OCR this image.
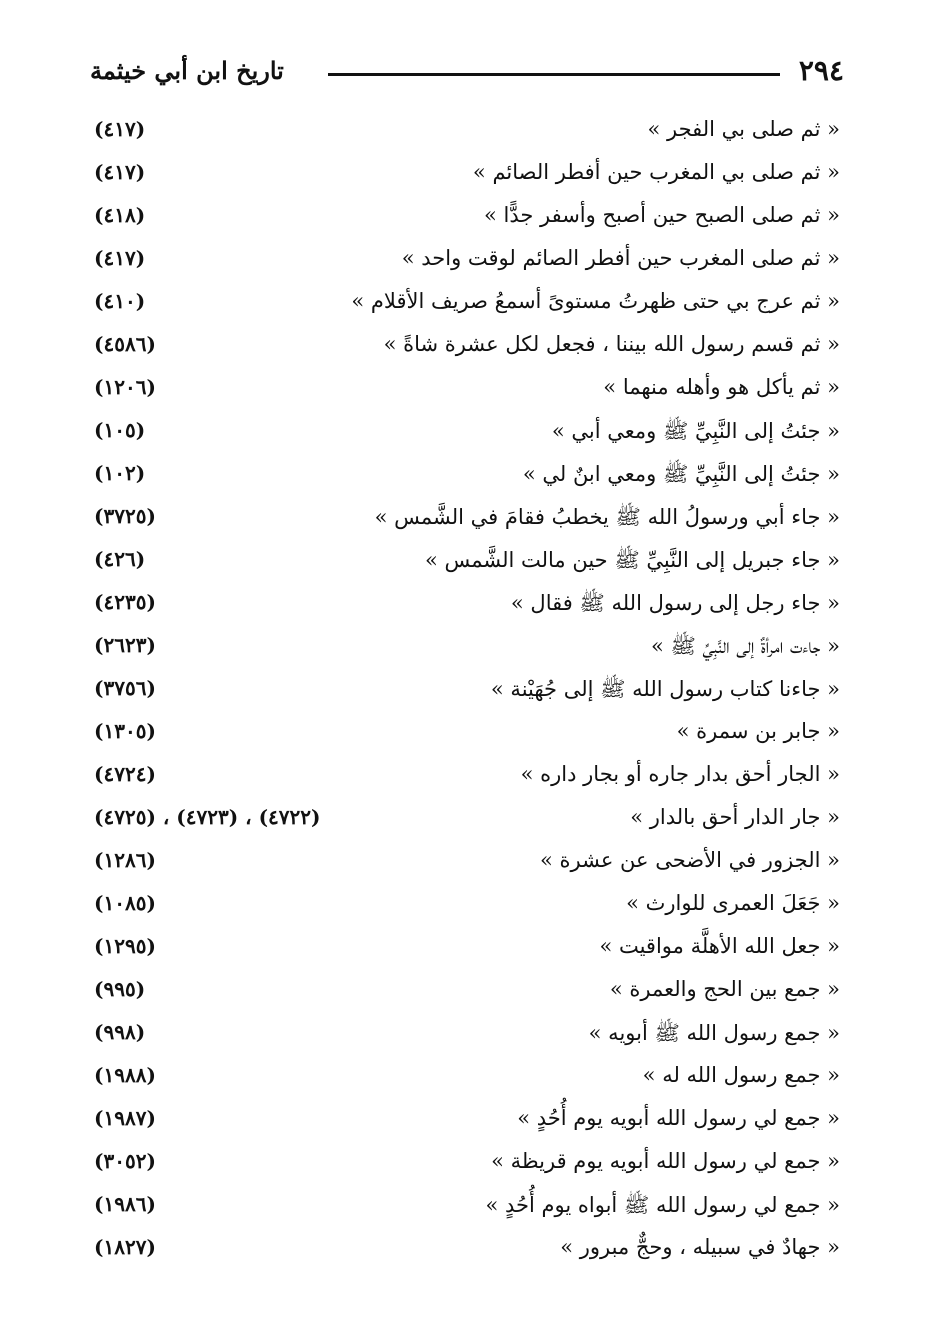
تاريخ ابن أبي خيثمة	٢٩٤
« ثم صلى بي الفجر »
(٤١٧)
« ثم صلى بي المغرب حين أفطر الصائم »
(٤١٧)
« ثم صلى الصبح حين أصبح وأسفر جدًّا »
(٤١٨)
« ثم صلى المغرب حين أفطر الصائم لوقت واحد »
(٤١٧)
« ثم عرج بي حتى ظهرتُ مستوىً أسمعُ صريف الأقلام »
(٤١٠)
« ثم قسم رسول الله بيننا ، فجعل لكل عشرة شاةً »
(٤٥٨٦)
« ثم يأكل هو وأهله منهما »
(١٢٠٦)
« جئتُ إلى النَّبِيِّ ﷺ ومعي أبي »
(١٠٥)
« جئتُ إلى النَّبِيِّ ﷺ ومعي ابنٌ لي »
(١٠٢)
« جاء أبي ورسولُ الله ﷺ يخطبُ فقامَ في الشَّمس »
(٣٧٢٥)
« جاء جبريل إلى النَّبِيِّ ﷺ حين مالت الشَّمس »
(٤٢٦)
« جاء رجل إلى رسول الله ﷺ فقال »
(٤٢٣٥)
« جاءت امرأةٌ إلى النَّبِيِّ ﷺ »
(٢٦٢٣)
« جاءنا كتاب رسول الله ﷺ إلى جُهَيْنة »
(٣٧٥٦)
« جابر بن سمرة »
(١٣٠٥)
« الجار أحق بدار جاره أو بجار داره »
(٤٧٢٤)
« جار الدار أحق بالدار »
(٤٧٢٢) ، (٤٧٢٣) ، (٤٧٢٥)
« الجزور في الأضحى عن عشرة »
(١٢٨٦)
« جَعَلَ العمرى للوارث »
(١٠٨٥)
« جعل الله الأهلَّة مواقيت »
(١٢٩٥)
« جمع بين الحج والعمرة »
(٩٩٥)
« جمع رسول الله ﷺ أبويه »
(٩٩٨)
« جمع رسول الله له »
(١٩٨٨)
« جمع لي رسول الله أبويه يوم أُحُدٍ »
(١٩٨٧)
« جمع لي رسول الله أبويه يوم قريظة »
(٣٠٥٢)
« جمع لي رسول الله ﷺ أبواه يوم أُحُدٍ »
(١٩٨٦)
« جهادٌ في سبيله ، وحجٌّ مبرور »
(١٨٢٧)
